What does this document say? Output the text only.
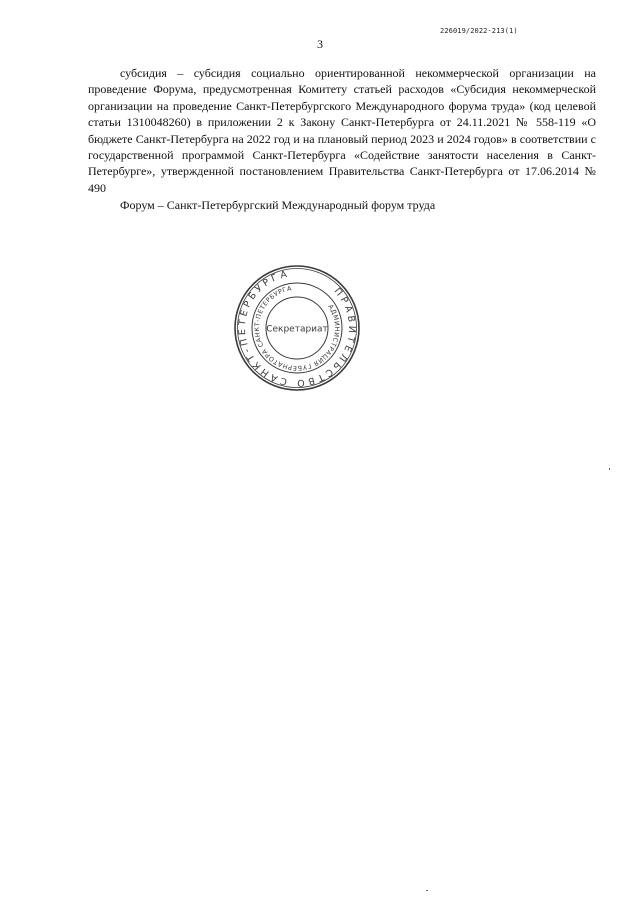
226019/2022-213(1)
3

субсидия – субсидия социально ориентированной некоммерческой организации на проведение Форума, предусмотренная Комитету статьей расходов «Субсидия некоммерческой организации на проведение Санкт-Петербургского Международного форума труда» (код целевой статьи 1310048260) в приложении 2 к Закону Санкт-Петербурга от 24.11.2021 № 558-119 «О бюджете Санкт-Петербурга на 2022 год и на плановый период 2023 и 2024 годов» в соответствии с государственной программой Санкт-Петербурга «Содействие занятости населения в Санкт-Петербурге», утвержденной постановлением Правительства Санкт-Петербурга от 17.06.2014 № 490

Форум – Санкт-Петербургский Международный форум труда

ПРАВИТЕЛЬСТВО САНКТ-ПЕТЕРБУРГА
АДМИНИСТРАЦИЯ ГУБЕРНАТОРА САНКТ-ПЕТЕРБУРГА
Секретариат
